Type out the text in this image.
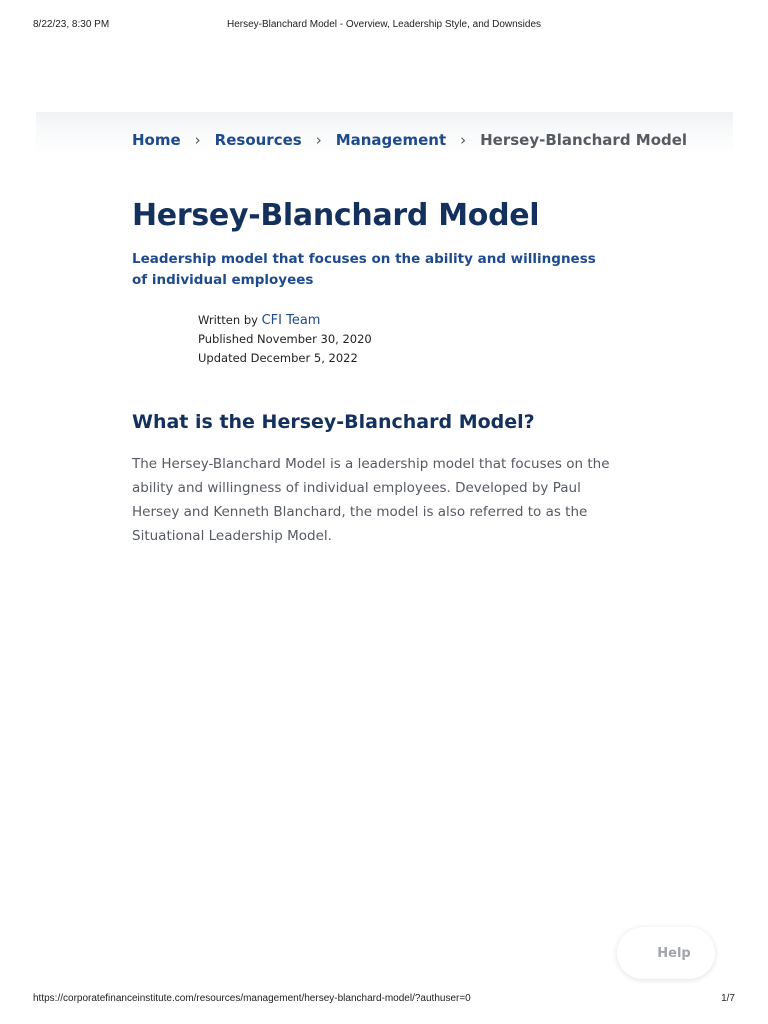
8/22/23, 8:30 PM	Hersey-Blanchard Model - Overview, Leadership Style, and Downsides
Home › Resources › Management › Hersey-Blanchard Model
Hersey-Blanchard Model

Leadership model that focuses on the ability and willingness of individual employees

Written by CFI Team
Published November 30, 2020
Updated December 5, 2022
What is the Hersey-Blanchard Model?

The Hersey-Blanchard Model is a leadership model that focuses on the ability and willingness of individual employees. Developed by Paul Hersey and Kenneth Blanchard, the model is also referred to as the Situational Leadership Model.

Help
https://corporatefinanceinstitute.com/resources/management/hersey-blanchard-model/?authuser=0	1/7
